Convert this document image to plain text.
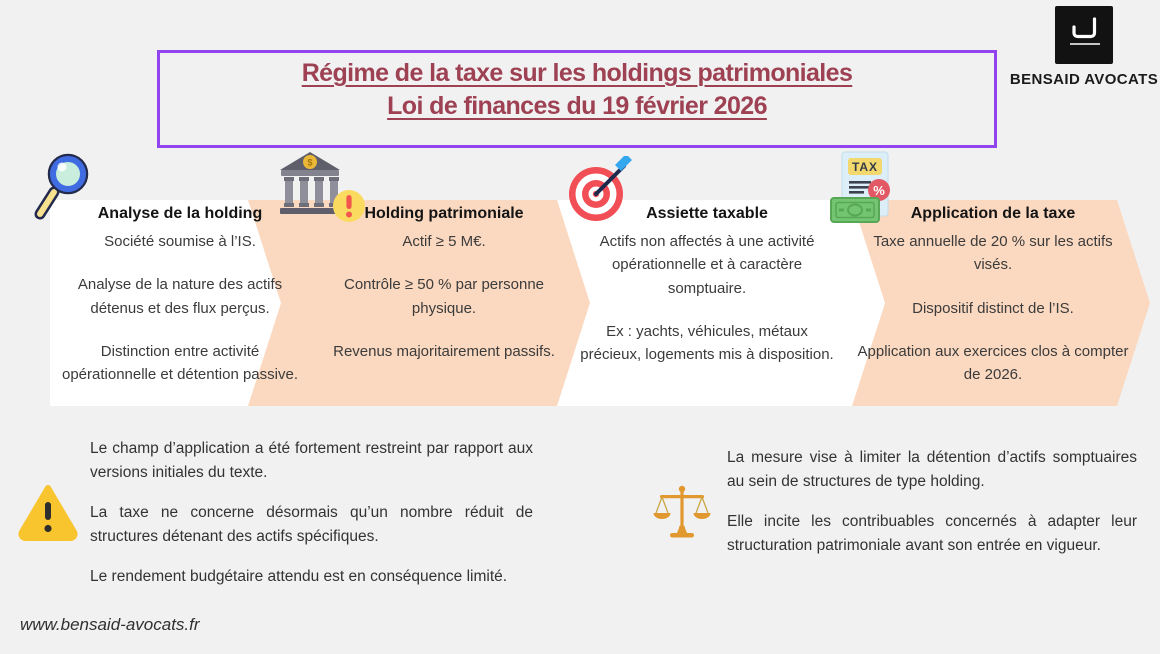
BENSAID AVOCATS
Régime de la taxe sur les holdings patrimoniales
Loi de finances du 19 février 2026
$	TAX
%
Analyse de la holding

Société soumise à l’IS.

Analyse de la nature des actifs détenus et des flux perçus.

Distinction entre activité opérationnelle et détention passive.

Holding patrimoniale

Actif ≥ 5 M€.

Contrôle ≥ 50 % par personne physique.

Revenus majoritairement passifs.

Assiette taxable

Actifs non affectés à une activité opérationnelle et à caractère somptuaire.

Ex : yachts, véhicules, métaux précieux, logements mis à disposition.

Application de la taxe

Taxe annuelle de 20 % sur les actifs visés.

Dispositif distinct de l’IS.

Application aux exercices clos à compter de 2026.

Le champ d’application a été fortement restreint par rapport aux versions initiales du texte.

La taxe ne concerne désormais qu’un nombre réduit de structures détenant des actifs spécifiques.

Le rendement budgétaire attendu est en conséquence limité.

La mesure vise à limiter la détention d’actifs somptuaires au sein de structures de type holding.

Elle incite les contribuables concernés à adapter leur structuration patrimoniale avant son entrée en vigueur.

www.bensaid-avocats.fr
